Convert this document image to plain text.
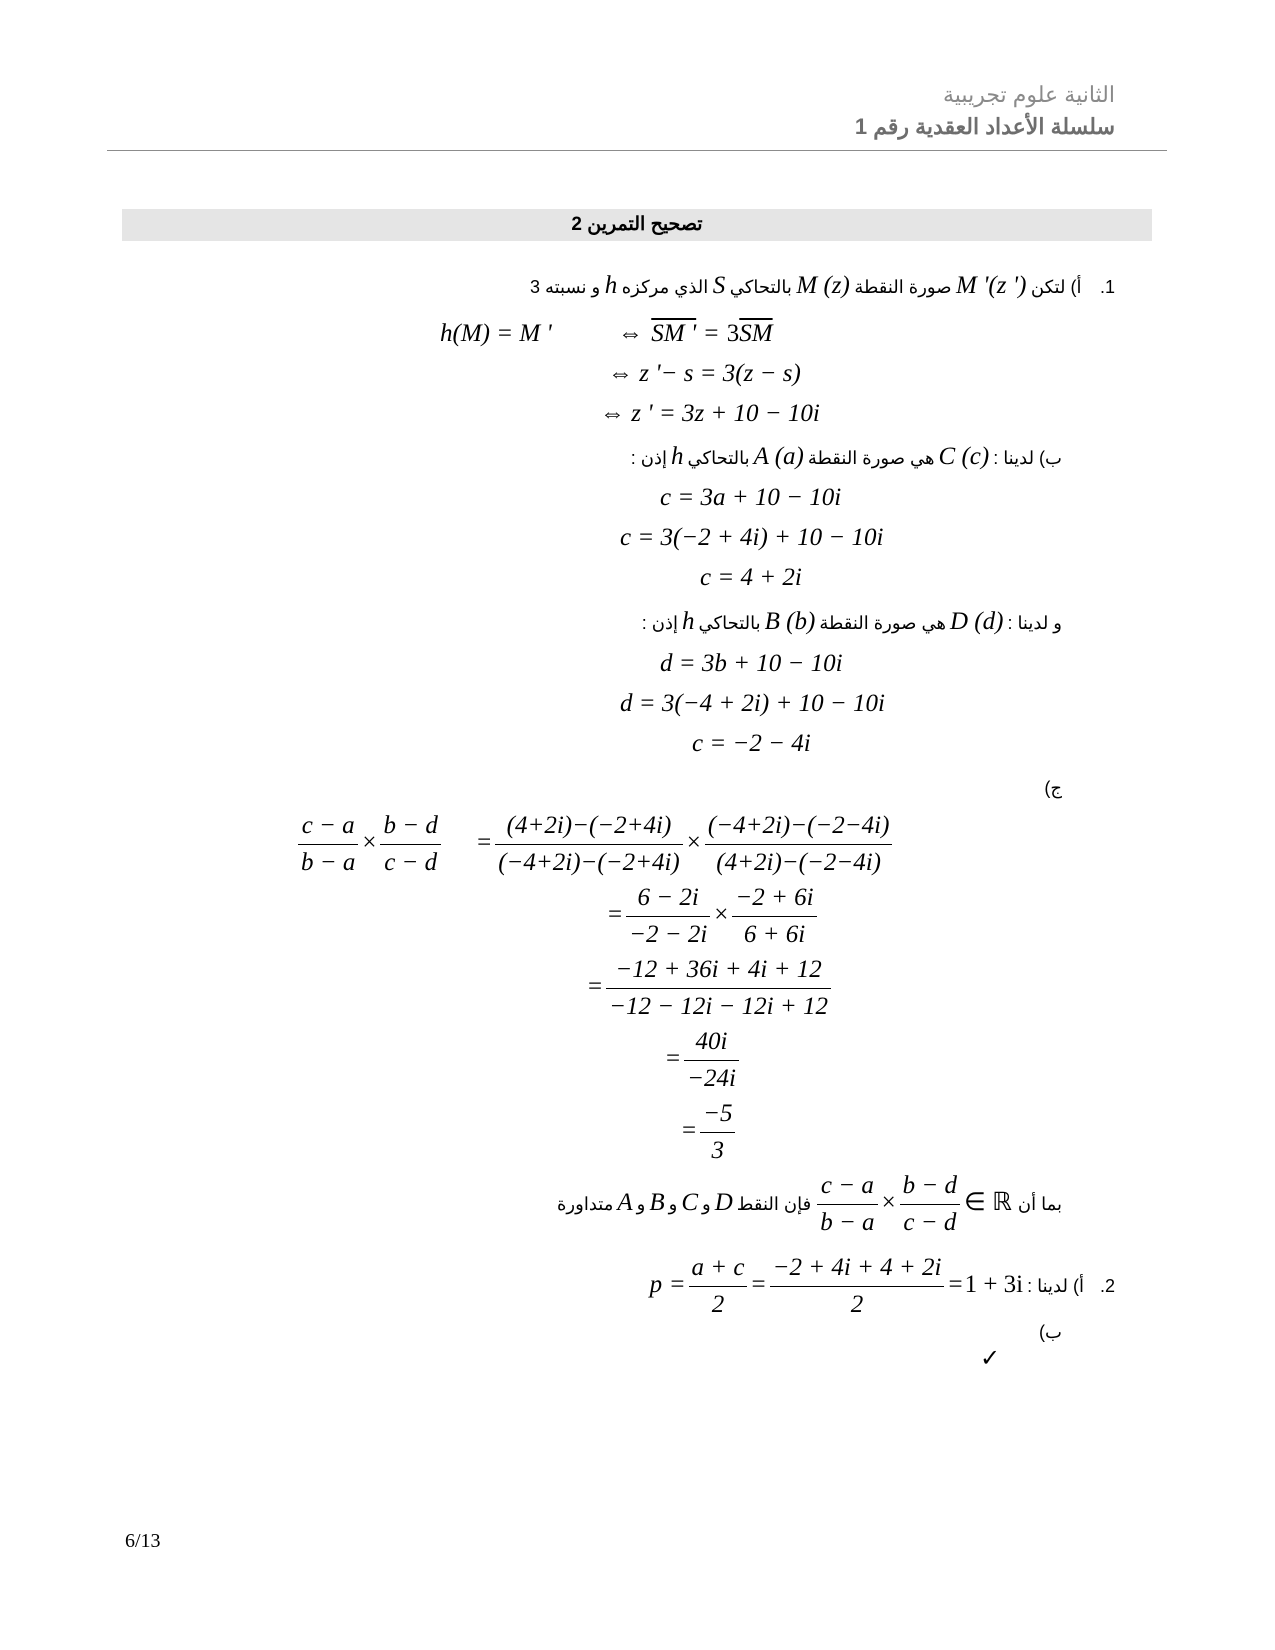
الثانية علوم تجريبية
سلسلة الأعداد العقدية رقم 1
تصحيح التمرين 2
1. أ) لتكن M '(z ') صورة النقطة M (z) بالتحاكي h الذي مركزه S و نسبته 3
h(M) = M '	⇔ SM ' = $3\overline{SM}$
⇔ z '− s = 3(z − s)
⇔ z ' = 3z + 10 − 10i
ب) لدينا : C (c) هي صورة النقطة A (a) بالتحاكي h إذن :
c = 3a + 10 − 10i
c = 3(−2 + 4i) + 10 − 10i
c = 4 + 2i
و لدينا : D (d) هي صورة النقطة B (b) بالتحاكي h إذن :
d = 3b + 10 − 10i
d = 3(−4 + 2i) + 10 − 10i
c = −2 − 4i
ج)
$\frac{c - a}{b - a} \times \frac{b - d}{c - d} = \frac{(4+2i)-(-2+4i)}{(-4+2i)-(-2+4i)} \times \frac{(-4+2i)-(-2-4i)}{(4+2i)-(-2-4i)}$
= $\frac{6 - 2i}{-2 - 2i} \times \frac{-2 + 6i}{6 + 6i}$
= $\frac{-12 + 36i + 4i + 12}{-12 - 12i - 12i + 12}$
= $\frac{40i}{-24i}$
= $\frac{-5}{3}$
بما أن
$\frac{c - a}{b - a} \times \frac{b - d}{c - d}$ ∈ ℝ فإن النقط A و B و C و D متداورة
2. أ) لدينا : $p = \frac{a + c}{2} = \frac{-2 + 4i + 4 + 2i}{2} =1 + 3i$
ب)
✓
6/13
